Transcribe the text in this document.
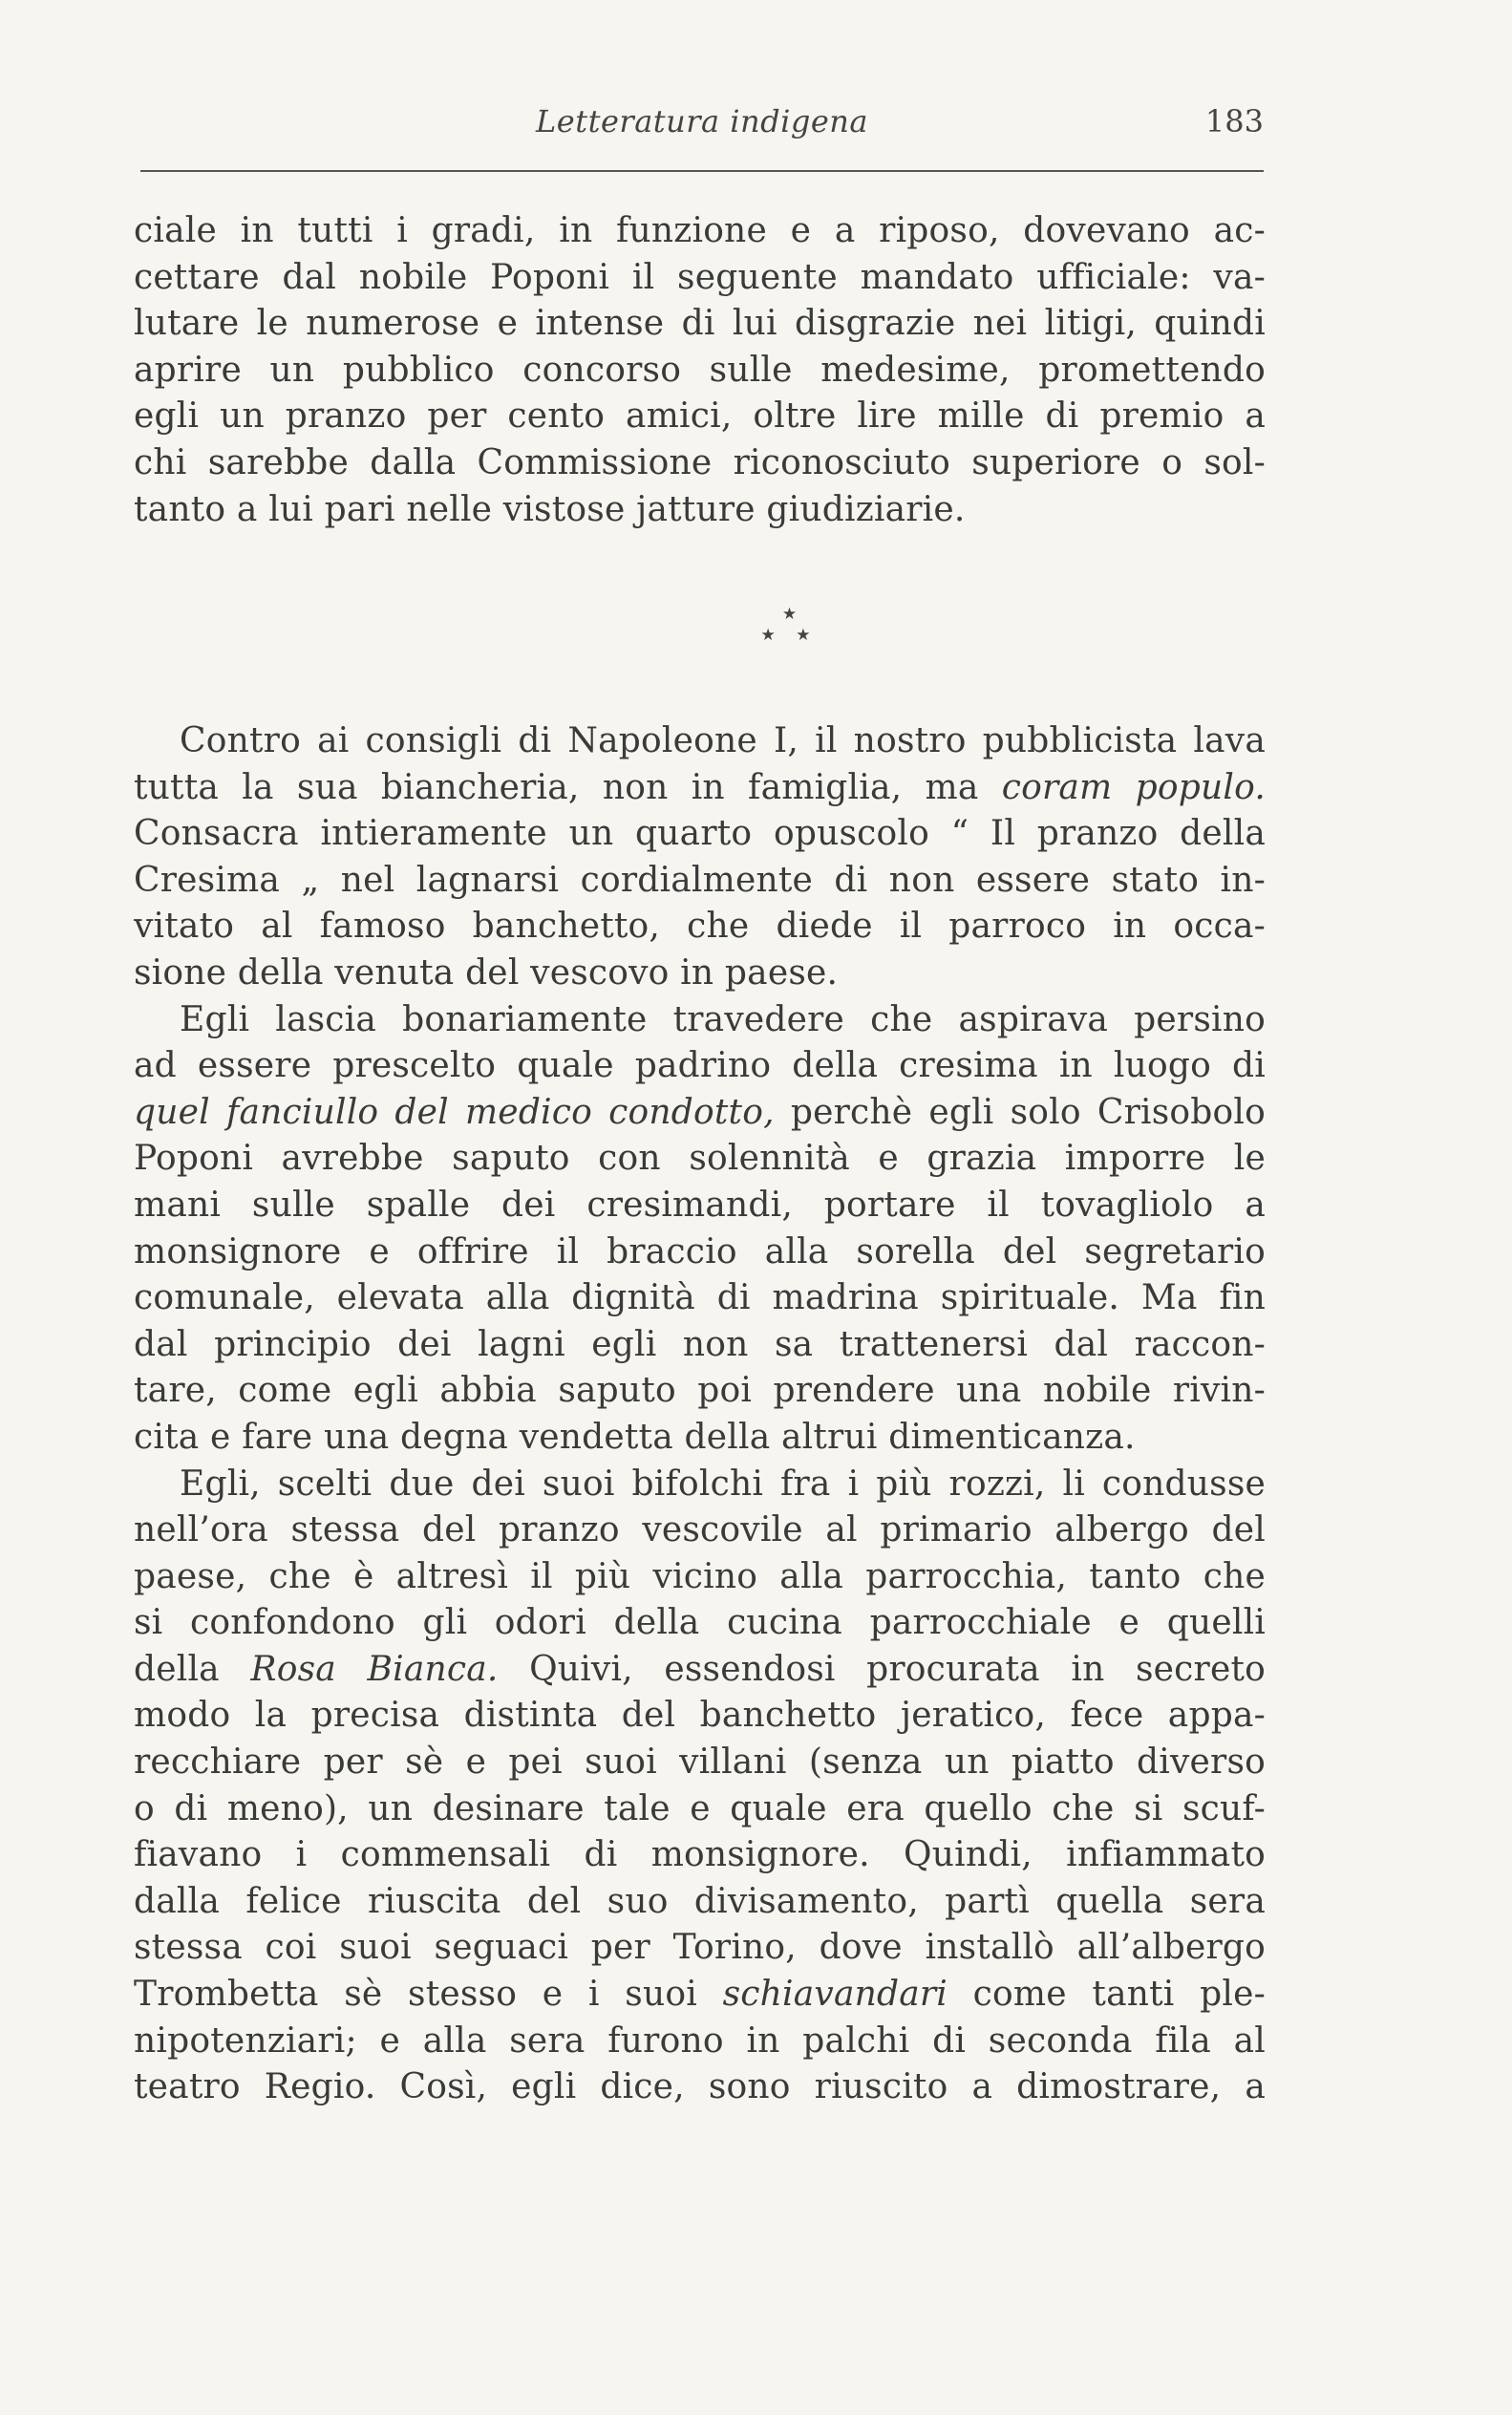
Letteratura indigena	183
ciale in tutti i gradi, in funzione e a riposo, dovevano ac-
cettare dal nobile Poponi il seguente mandato ufficiale: va-
lutare le numerose e intense di lui disgrazie nei litigi, quindi
aprire un pubblico concorso sulle medesime, promettendo
egli un pranzo per cento amici, oltre lire mille di premio a
chi sarebbe dalla Commissione riconosciuto superiore o sol-
tanto a lui pari nelle vistose jatture giudiziarie.
★
★ ★
Contro ai consigli di Napoleone I, il nostro pubblicista lava
tutta la sua biancheria, non in famiglia, ma coram populo.
Consacra intieramente un quarto opuscolo “ Il pranzo della
Cresima „ nel lagnarsi cordialmente di non essere stato in-
vitato al famoso banchetto, che diede il parroco in occa-
sione della venuta del vescovo in paese.
Egli lascia bonariamente travedere che aspirava persino
ad essere prescelto quale padrino della cresima in luogo di
quel fanciullo del medico condotto, perchè egli solo Crisobolo
Poponi avrebbe saputo con solennità e grazia imporre le
mani sulle spalle dei cresimandi, portare il tovagliolo a
monsignore e offrire il braccio alla sorella del segretario
comunale, elevata alla dignità di madrina spirituale. Ma fin
dal principio dei lagni egli non sa trattenersi dal raccon-
tare, come egli abbia saputo poi prendere una nobile rivin-
cita e fare una degna vendetta della altrui dimenticanza.
Egli, scelti due dei suoi bifolchi fra i più rozzi, li condusse
nell’ora stessa del pranzo vescovile al primario albergo del
paese, che è altresì il più vicino alla parrocchia, tanto che
si confondono gli odori della cucina parrocchiale e quelli
della Rosa Bianca. Quivi, essendosi procurata in secreto
modo la precisa distinta del banchetto jeratico, fece appa-
recchiare per sè e pei suoi villani (senza un piatto diverso
o di meno), un desinare tale e quale era quello che si scuf-
fiavano i commensali di monsignore. Quindi, infiammato
dalla felice riuscita del suo divisamento, partì quella sera
stessa coi suoi seguaci per Torino, dove installò all’albergo
Trombetta sè stesso e i suoi schiavandari come tanti ple-
nipotenziari; e alla sera furono in palchi di seconda fila al
teatro Regio. Così, egli dice, sono riuscito a dimostrare, a
